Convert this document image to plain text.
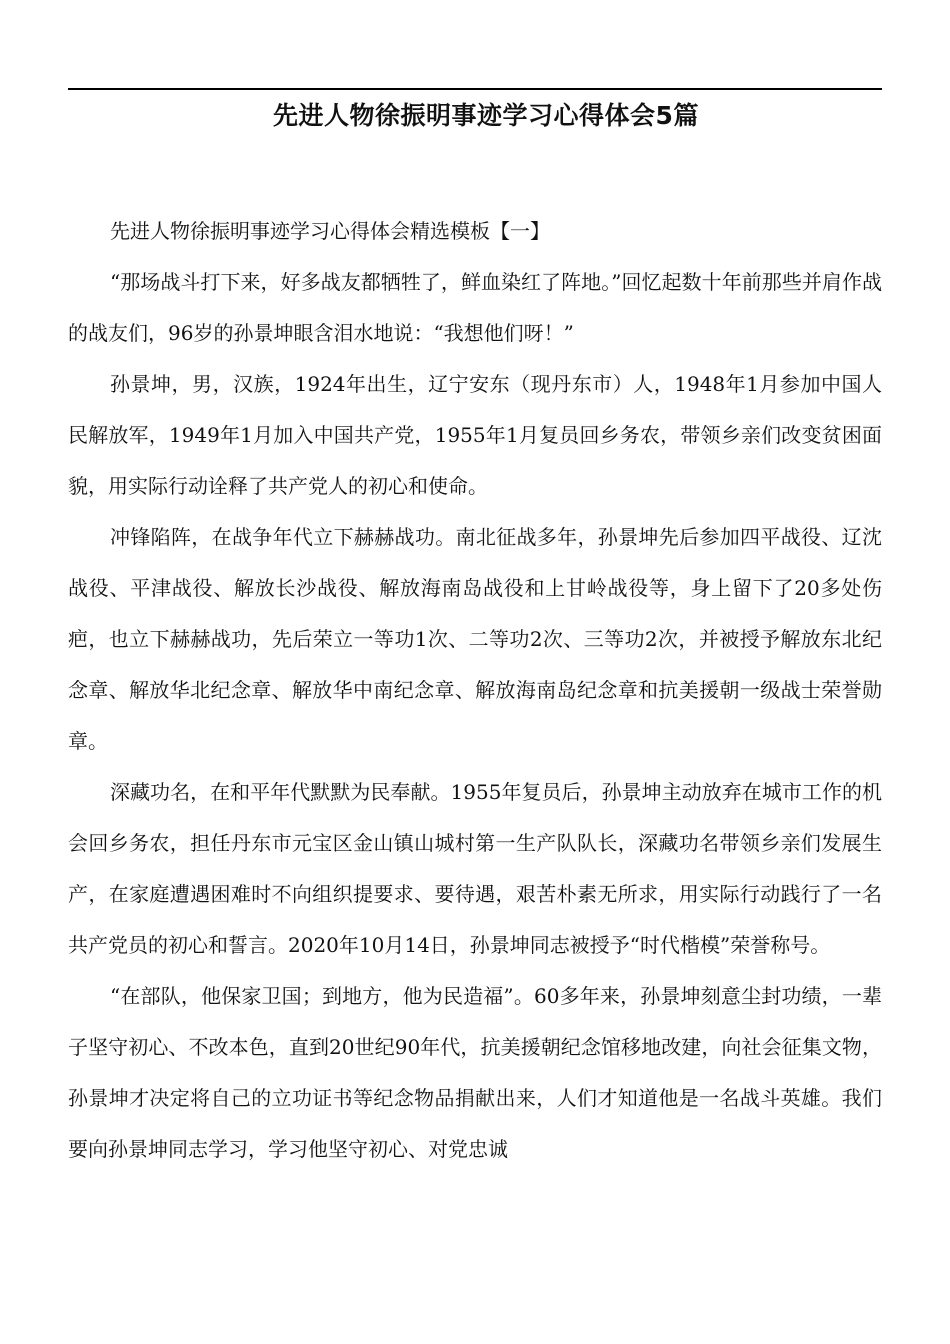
先进人物徐振明事迹学习心得体会5篇

先进人物徐振明事迹学习心得体会精选模板【一】

“那场战斗打下来，好多战友都牺牲了，鲜血染红了阵地。”回忆起数十年前那些并肩作战的战友们，96岁的孙景坤眼含泪水地说：“我想他们呀！”

孙景坤，男，汉族，1924年出生，辽宁安东（现丹东市）人，1948年1月参加中国人民解放军，1949年1月加入中国共产党，1955年1月复员回乡务农，带领乡亲们改变贫困面貌，用实际行动诠释了共产党人的初心和使命。

冲锋陷阵，在战争年代立下赫赫战功。南北征战多年，孙景坤先后参加四平战役、辽沈战役、平津战役、解放长沙战役、解放海南岛战役和上甘岭战役等，身上留下了20多处伤疤，也立下赫赫战功，先后荣立一等功1次、二等功2次、三等功2次，并被授予解放东北纪念章、解放华北纪念章、解放华中南纪念章、解放海南岛纪念章和抗美援朝一级战士荣誉勋章。

深藏功名，在和平年代默默为民奉献。1955年复员后，孙景坤主动放弃在城市工作的机会回乡务农，担任丹东市元宝区金山镇山城村第一生产队队长，深藏功名带领乡亲们发展生产，在家庭遭遇困难时不向组织提要求、要待遇，艰苦朴素无所求，用实际行动践行了一名共产党员的初心和誓言。2020年10月14日，孙景坤同志被授予“时代楷模”荣誉称号。

“在部队，他保家卫国；到地方，他为民造福”。60多年来，孙景坤刻意尘封功绩，一辈子坚守初心、不改本色，直到20世纪90年代，抗美援朝纪念馆移地改建，向社会征集文物，孙景坤才决定将自己的立功证书等纪念物品捐献出来，人们才知道他是一名战斗英雄。我们要向孙景坤同志学习，学习他坚守初心、对党忠诚
